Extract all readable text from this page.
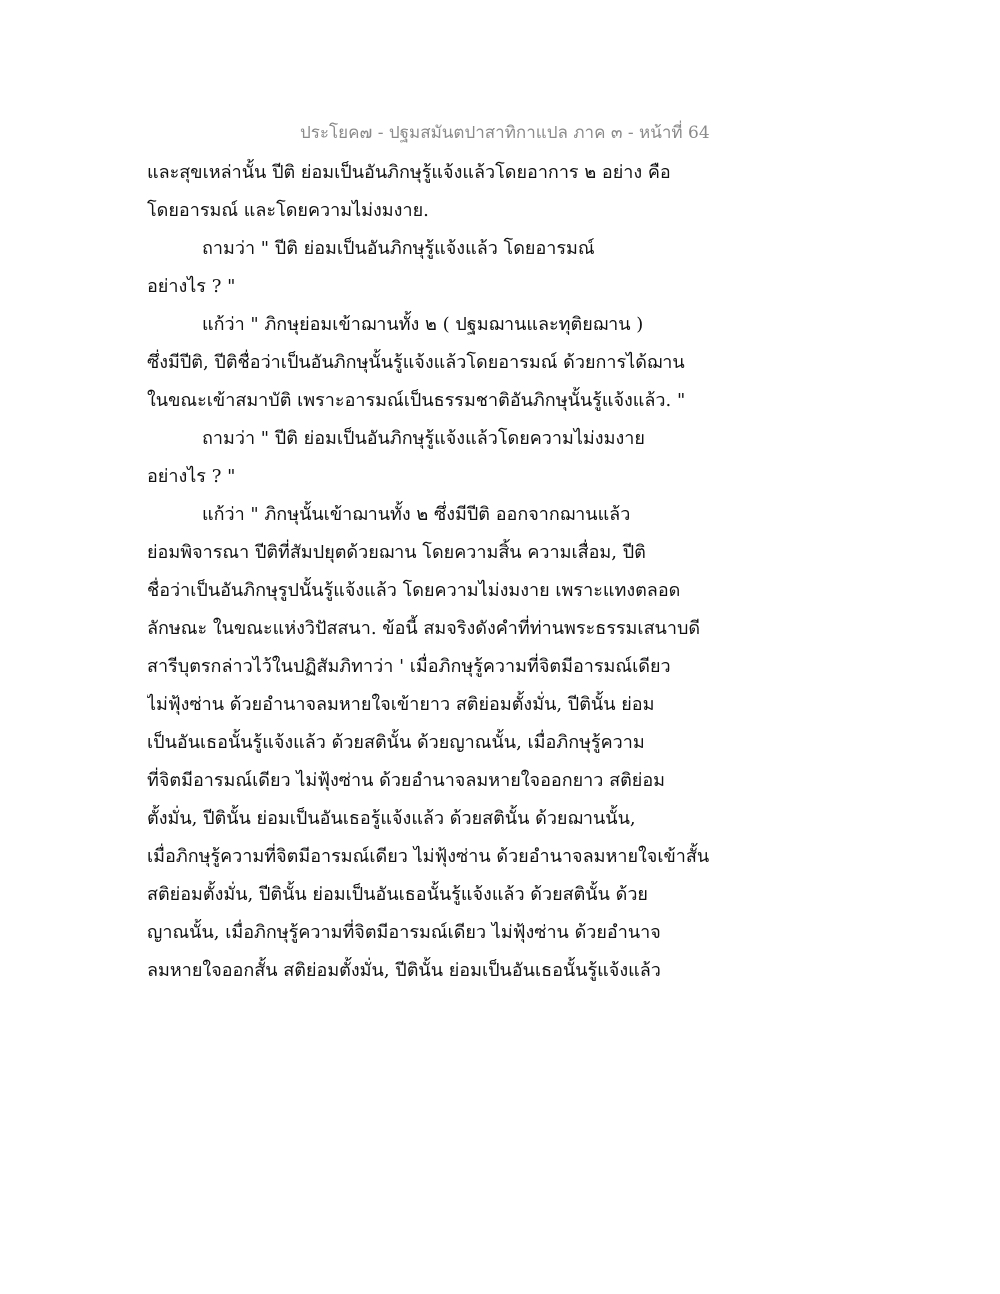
ประโยค๗ - ปฐมสมันตปาสาทิกาแปล ภาค ๓ - หน้าที่ 64
และสุขเหล่านั้น ปีติ ย่อมเป็นอันภิกษุรู้แจ้งแล้วโดยอาการ ๒ อย่าง คือ
โดยอารมณ์ และโดยความไม่งมงาย.
ถามว่า " ปีติ ย่อมเป็นอันภิกษุรู้แจ้งแล้ว โดยอารมณ์
อย่างไร ? "
แก้ว่า " ภิกษุย่อมเข้าฌานทั้ง ๒ ( ปฐมฌานและทุติยฌาน )
ซึ่งมีปีติ, ปีติชื่อว่าเป็นอันภิกษุนั้นรู้แจ้งแล้วโดยอารมณ์ ด้วยการได้ฌาน
ในขณะเข้าสมาบัติ เพราะอารมณ์เป็นธรรมชาติอันภิกษุนั้นรู้แจ้งแล้ว. "
ถามว่า " ปีติ ย่อมเป็นอันภิกษุรู้แจ้งแล้วโดยความไม่งมงาย
อย่างไร ? "
แก้ว่า " ภิกษุนั้นเข้าฌานทั้ง ๒ ซึ่งมีปีติ ออกจากฌานแล้ว
ย่อมพิจารณา ปีติที่สัมปยุตด้วยฌาน โดยความสิ้น ความเสื่อม, ปีติ
ชื่อว่าเป็นอันภิกษุรูปนั้นรู้แจ้งแล้ว โดยความไม่งมงาย เพราะแทงตลอด
ลักษณะ ในขณะแห่งวิปัสสนา. ข้อนี้ สมจริงดังคำที่ท่านพระธรรมเสนาบดี
สารีบุตรกล่าวไว้ในปฏิสัมภิทาว่า ' เมื่อภิกษุรู้ความที่จิตมีอารมณ์เดียว
ไม่ฟุ้งซ่าน ด้วยอำนาจลมหายใจเข้ายาว สติย่อมตั้งมั่น, ปีตินั้น ย่อม
เป็นอันเธอนั้นรู้แจ้งแล้ว ด้วยสตินั้น ด้วยญาณนั้น, เมื่อภิกษุรู้ความ
ที่จิตมีอารมณ์เดียว ไม่ฟุ้งซ่าน ด้วยอำนาจลมหายใจออกยาว สติย่อม
ตั้งมั่น, ปีตินั้น ย่อมเป็นอันเธอรู้แจ้งแล้ว ด้วยสตินั้น ด้วยฌานนั้น,
เมื่อภิกษุรู้ความที่จิตมีอารมณ์เดียว ไม่ฟุ้งซ่าน ด้วยอำนาจลมหายใจเข้าสั้น
สติย่อมตั้งมั่น, ปีตินั้น ย่อมเป็นอันเธอนั้นรู้แจ้งแล้ว ด้วยสตินั้น ด้วย
ญาณนั้น, เมื่อภิกษุรู้ความที่จิตมีอารมณ์เดียว ไม่ฟุ้งซ่าน ด้วยอำนาจ
ลมหายใจออกสั้น สติย่อมตั้งมั่น, ปีตินั้น ย่อมเป็นอันเธอนั้นรู้แจ้งแล้ว
